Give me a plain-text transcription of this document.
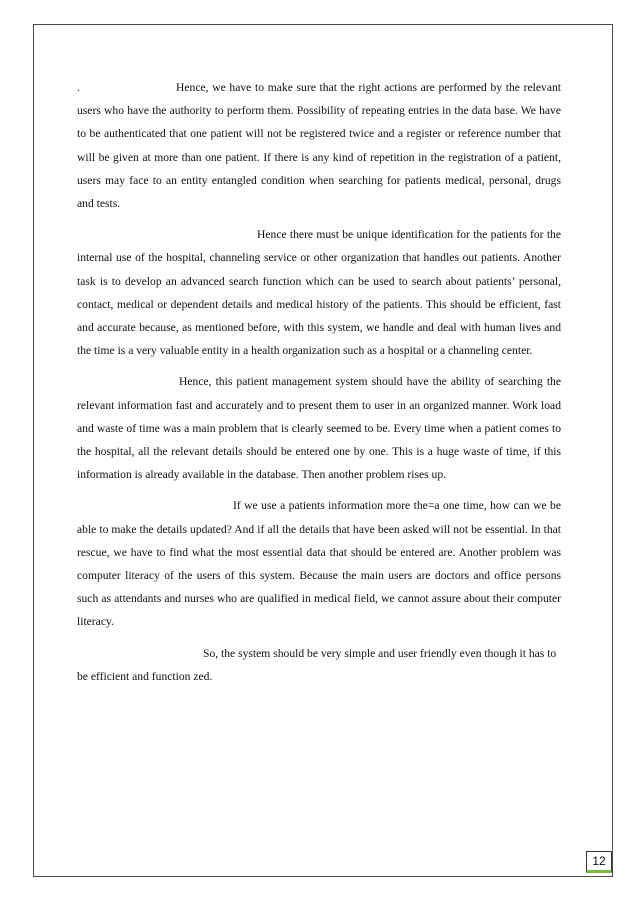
.	Hence, we have to make sure that the right actions are performed by the relevant users who have the authority to perform them. Possibility of repeating entries in the data base. We have to be authenticated that one patient will not be registered twice and a register or reference number that will be given at more than one patient. If there is any kind of repetition in the registration of a patient, users may face to an entity entangled condition when searching for patients medical, personal, drugs and tests.

Hence there must be unique identification for the patients for the internal use of the hospital, channeling service or other organization that handles out patients. Another task is to develop an advanced search function which can be used to search about patients’ personal, contact, medical or dependent details and medical history of the patients. This should be efficient, fast and accurate because, as mentioned before, with this system, we handle and deal with human lives and the time is a very valuable entity in a health organization such as a hospital or a channeling center.

Hence, this patient management system should have the ability of searching the relevant information fast and accurately and to present them to user in an organized manner. Work load and waste of time was a main problem that is clearly seemed to be. Every time when a patient comes to the hospital, all the relevant details should be entered one by one. This is a huge waste of time, if this information is already available in the database. Then another problem rises up.

If we use a patients information more the=a one time, how can we be able to make the details updated? And if all the details that have been asked will not be essential. In that rescue, we have to find what the most essential data that should be entered are. Another problem was computer literacy of the users of this system. Because the main users are doctors and office persons such as attendants and nurses who are qualified in medical field, we cannot assure about their computer literacy.

So, the system should be very simple and user friendly even though it has to be efficient and function zed.

12
